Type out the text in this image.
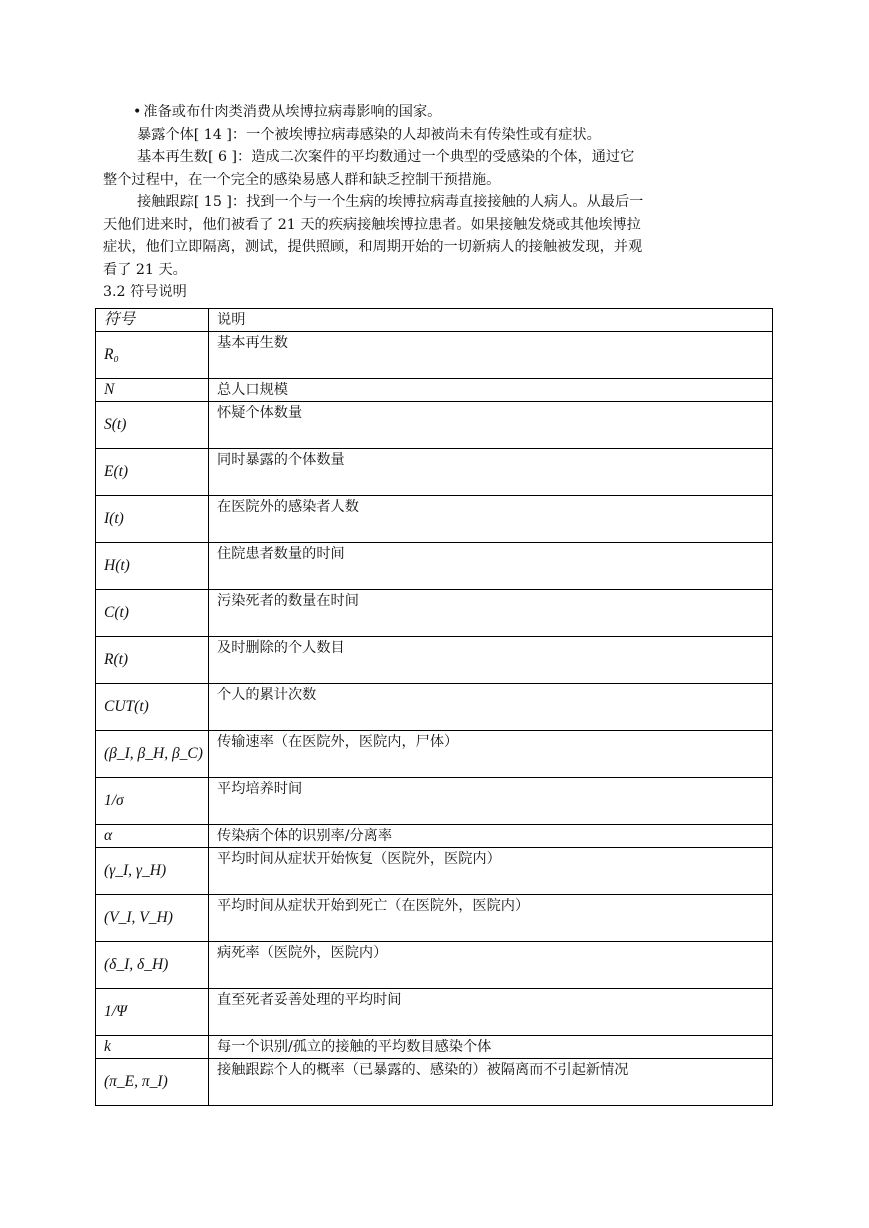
• 准备或布什肉类消费从埃博拉病毒影响的国家。

暴露个体[ 14 ]：一个被埃博拉病毒感染的人却被尚未有传染性或有症状。

基本再生数[ 6 ]：造成二次案件的平均数通过一个典型的受感染的个体，通过它

整个过程中，在一个完全的感染易感人群和缺乏控制干预措施。

接触跟踪[ 15 ]：找到一个与一个生病的埃博拉病毒直接接触的人病人。从最后一

天他们进来时，他们被看了 21 天的疾病接触埃博拉患者。如果接触发烧或其他埃博拉

症状，他们立即隔离，测试，提供照顾，和周期开始的一切新病人的接触被发现，并观

看了 21 天。

3.2 符号说明

符号	说明
R₀	基本再生数
N	总人口规模
S(t)	怀疑个体数量
E(t)	同时暴露的个体数量
I(t)	在医院外的感染者人数
H(t)	住院患者数量的时间
C(t)	污染死者的数量在时间
R(t)	及时删除的个人数目
CUT(t)	个人的累计次数
(β_I, β_H, β_C)	传输速率（在医院外，医院内，尸体）
1/σ	平均培养时间
α	传染病个体的识别率/分离率
(γ_I, γ_H)	平均时间从症状开始恢复（医院外，医院内）
(V_I, V_H)	平均时间从症状开始到死亡（在医院外，医院内）
(δ_I, δ_H)	病死率（医院外，医院内）
1/Ψ	直至死者妥善处理的平均时间
k	每一个识别/孤立的接触的平均数目感染个体
(π_E, π_I)	接触跟踪个人的概率（已暴露的、感染的）被隔离而不引起新情况
